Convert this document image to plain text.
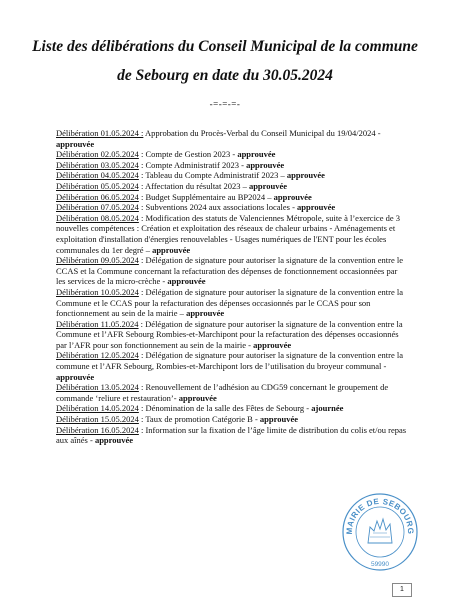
Liste des délibérations du Conseil Municipal de la commune
de Sebourg en date du 30.05.2024
-=-=-=-

Délibération 01.05.2024 : Approbation du Procès-Verbal du Conseil Municipal du 19/04/2024 - approuvée

Délibération 02.05.2024 : Compte de Gestion 2023 - approuvée

Délibération 03.05.2024 : Compte Administratif 2023 - approuvée

Délibération 04.05.2024 : Tableau du Compte Administratif 2023 – approuvée

Délibération 05.05.2024 : Affectation du résultat 2023 – approuvée

Délibération 06.05.2024 : Budget Supplémentaire au BP2024 – approuvée

Délibération 07.05.2024 : Subventions 2024 aux associations locales - approuvée

Délibération 08.05.2024 : Modification des statuts de Valenciennes Métropole, suite à l’exercice de 3 nouvelles compétences : Création et exploitation des réseaux de chaleur urbains - Aménagements et exploitation d'installation d'énergies renouvelables - Usages numériques de l'ENT pour les écoles communales du 1er degré – approuvée

Délibération 09.05.2024 : Délégation de signature pour autoriser la signature de la convention entre le CCAS et la Commune concernant la refacturation des dépenses de fonctionnement occasionnées par les services de la micro-crèche - approuvée

Délibération 10.05.2024 : Délégation de signature pour autoriser la signature de la convention entre la Commune et le CCAS pour la refacturation des dépenses occasionnés par le CCAS pour son fonctionnement au sein de la mairie – approuvée

Délibération 11.05.2024 : Délégation de signature pour autoriser la signature de la convention entre la Commune et l’AFR Sebourg Rombies-et-Marchipont pour la refacturation des dépenses occasionnés par l’AFR pour son fonctionnement au sein de la mairie - approuvée

Délibération 12.05.2024 : Délégation de signature pour autoriser la signature de la convention entre la commune et l’AFR Sebourg, Rombies-et-Marchipont lors de l’utilisation du broyeur communal - approuvée

Délibération 13.05.2024 : Renouvellement de l’adhésion au CDG59 concernant le groupement de commande ‘reliure et restauration’- approuvée

Délibération 14.05.2024 : Dénomination de la salle des Fêtes de Sebourg - ajournée

Délibération 15.05.2024 : Taux de promotion Catégorie B - approuvée

Délibération 16.05.2024 : Information sur la fixation de l’âge limite de distribution du colis et/ou repas aux aînés - approuvée

MAIRIE DE SEBOURG
59990
1
